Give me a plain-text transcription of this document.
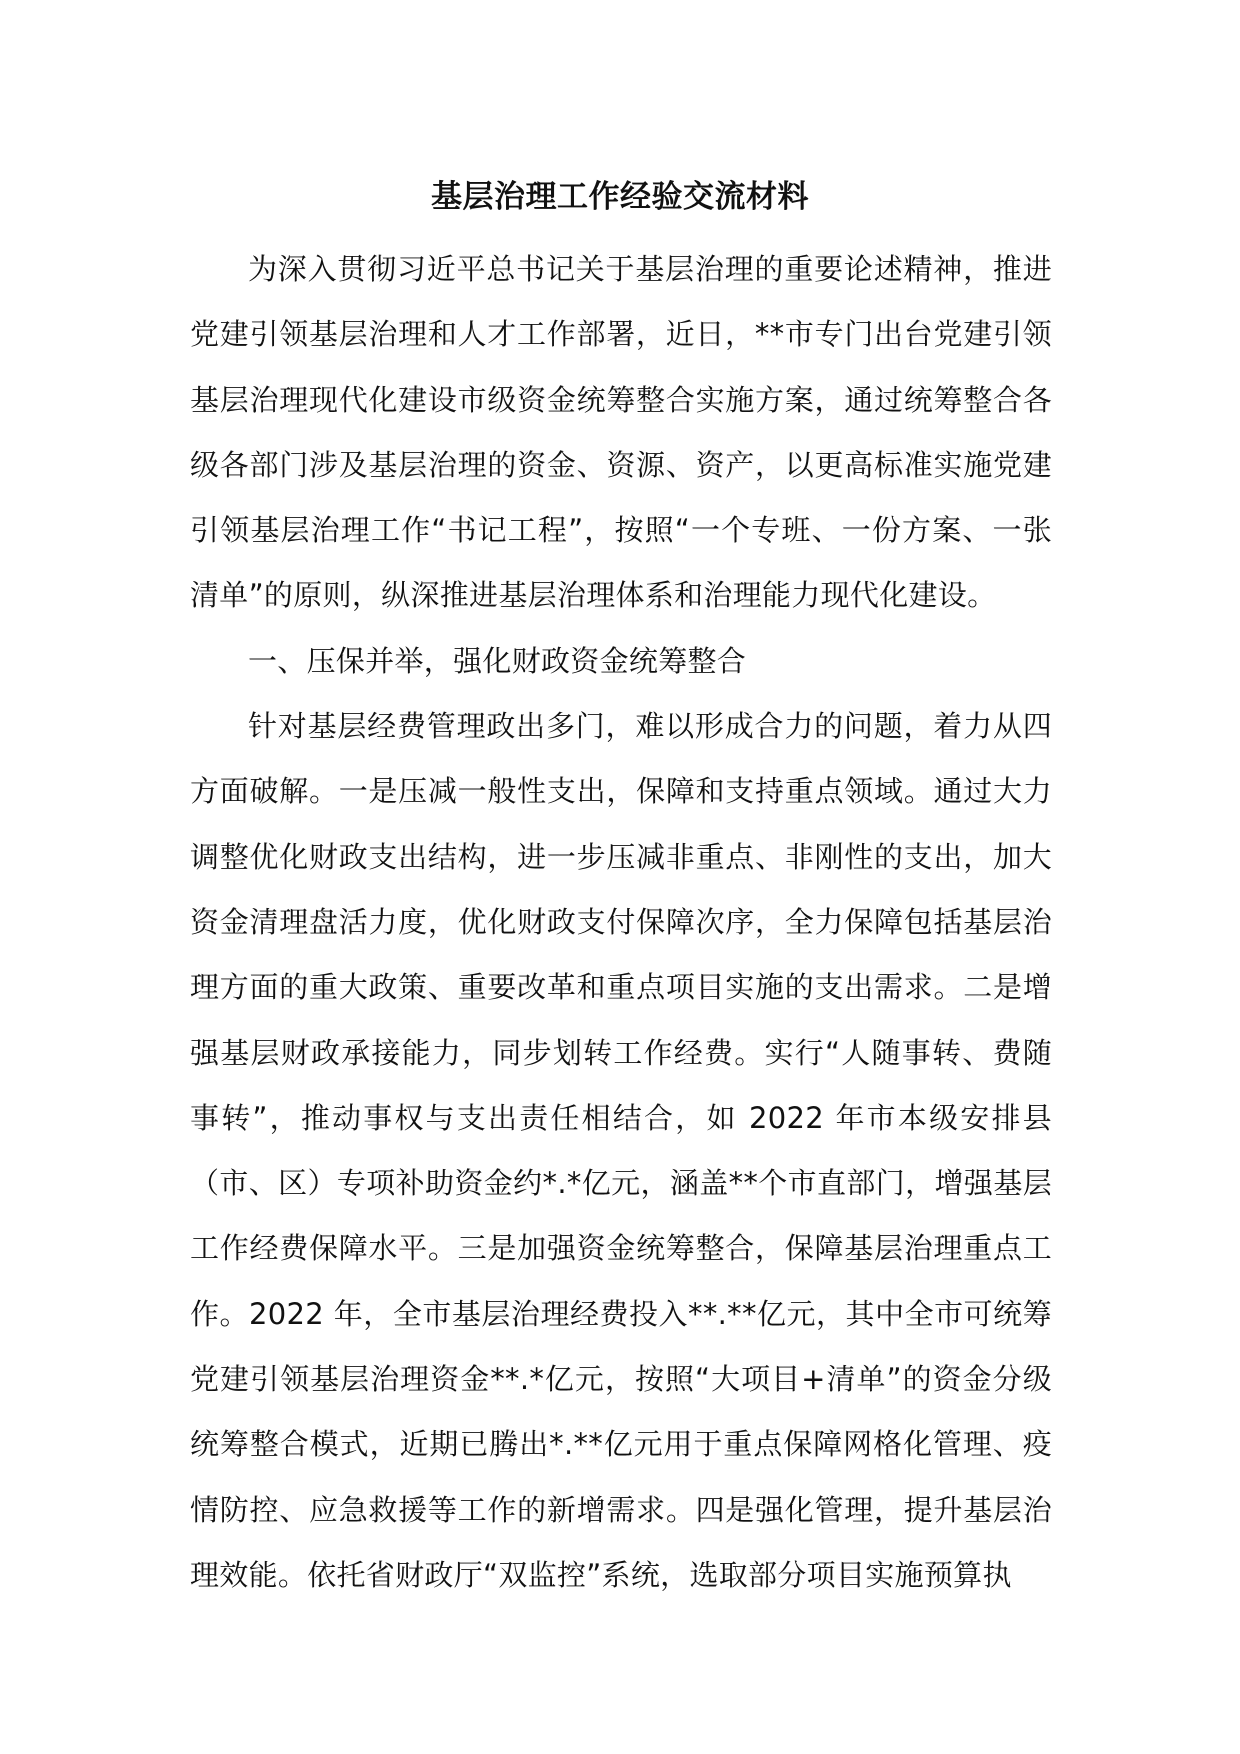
基层治理工作经验交流材料

为深入贯彻习近平总书记关于基层治理的重要论述精神，推进党建引领基层治理和人才工作部署，近日，**市专门出台党建引领基层治理现代化建设市级资金统筹整合实施方案，通过统筹整合各级各部门涉及基层治理的资金、资源、资产，以更高标准实施党建引领基层治理工作“书记工程”，按照“一个专班、一份方案、一张清单”的原则，纵深推进基层治理体系和治理能力现代化建设。

一、压保并举，强化财政资金统筹整合

针对基层经费管理政出多门，难以形成合力的问题，着力从四方面破解。一是压减一般性支出，保障和支持重点领域。通过大力调整优化财政支出结构，进一步压减非重点、非刚性的支出，加大资金清理盘活力度，优化财政支付保障次序，全力保障包括基层治理方面的重大政策、重要改革和重点项目实施的支出需求。二是增强基层财政承接能力，同步划转工作经费。实行“人随事转、费随事转”，推动事权与支出责任相结合，如 2022 年市本级安排县（市、区）专项补助资金约*.*亿元，涵盖**个市直部门，增强基层工作经费保障水平。三是加强资金统筹整合，保障基层治理重点工作。2022 年，全市基层治理经费投入**.**亿元，其中全市可统筹党建引领基层治理资金**.*亿元，按照“大项目+清单”的资金分级统筹整合模式，近期已腾出*.**亿元用于重点保障网格化管理、疫情防控、应急救援等工作的新增需求。四是强化管理，提升基层治理效能。依托省财政厅“双监控”系统，选取部分项目实施预算执
